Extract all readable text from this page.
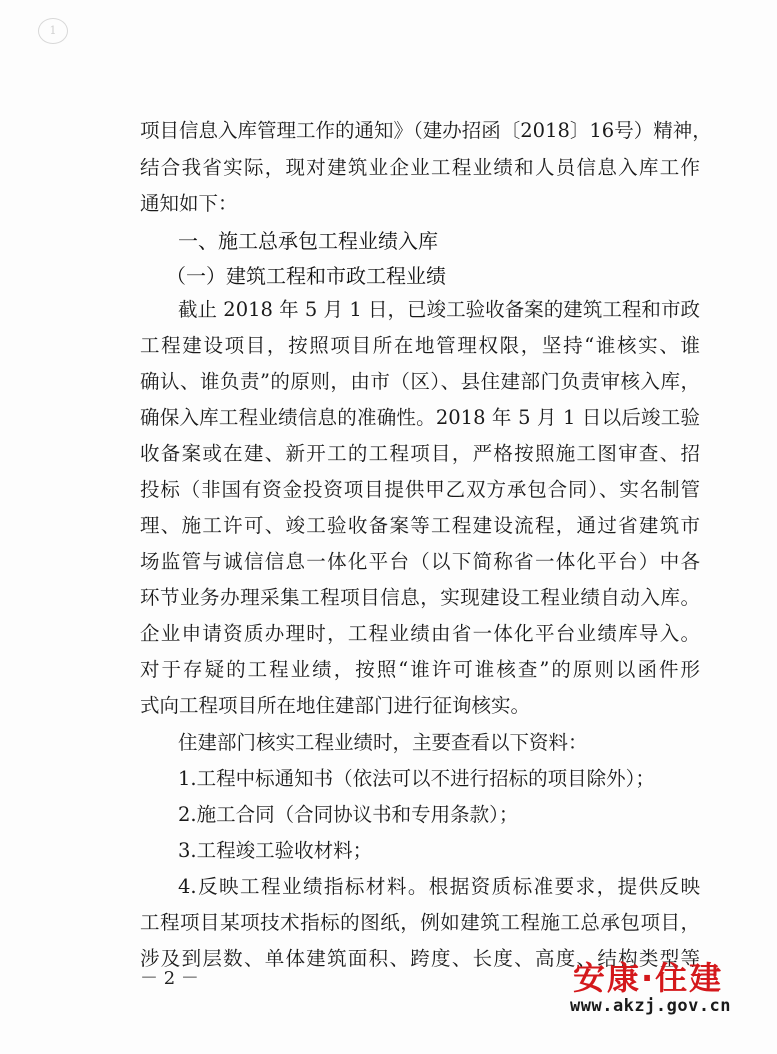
1
项目信息入库管理工作的通知》（建办招函〔2018〕16号）精神，
结合我省实际，现对建筑业企业工程业绩和人员信息入库工作
通知如下：
一、施工总承包工程业绩入库
（一）建筑工程和市政工程业绩
截止 2018 年 5 月 1 日，已竣工验收备案的建筑工程和市政
工程建设项目，按照项目所在地管理权限，坚持“谁核实、谁
确认、谁负责”的原则，由市（区）、县住建部门负责审核入库，
确保入库工程业绩信息的准确性。2018 年 5 月 1 日以后竣工验
收备案或在建、新开工的工程项目，严格按照施工图审查、招
投标（非国有资金投资项目提供甲乙双方承包合同）、实名制管
理、施工许可、竣工验收备案等工程建设流程，通过省建筑市
场监管与诚信信息一体化平台（以下简称省一体化平台）中各
环节业务办理采集工程项目信息，实现建设工程业绩自动入库。
企业申请资质办理时，工程业绩由省一体化平台业绩库导入。
对于存疑的工程业绩，按照“谁许可谁核查”的原则以函件形
式向工程项目所在地住建部门进行征询核实。
住建部门核实工程业绩时，主要查看以下资料：
1.工程中标通知书（依法可以不进行招标的项目除外）；
2.施工合同（合同协议书和专用条款）；
3.工程竣工验收材料；
4.反映工程业绩指标材料。根据资质标准要求，提供反映
工程项目某项技术指标的图纸，例如建筑工程施工总承包项目，
涉及到层数、单体建筑面积、跨度、长度、高度、结构类型等
－ 2 －	安康·住建
www.akzj.gov.cn
